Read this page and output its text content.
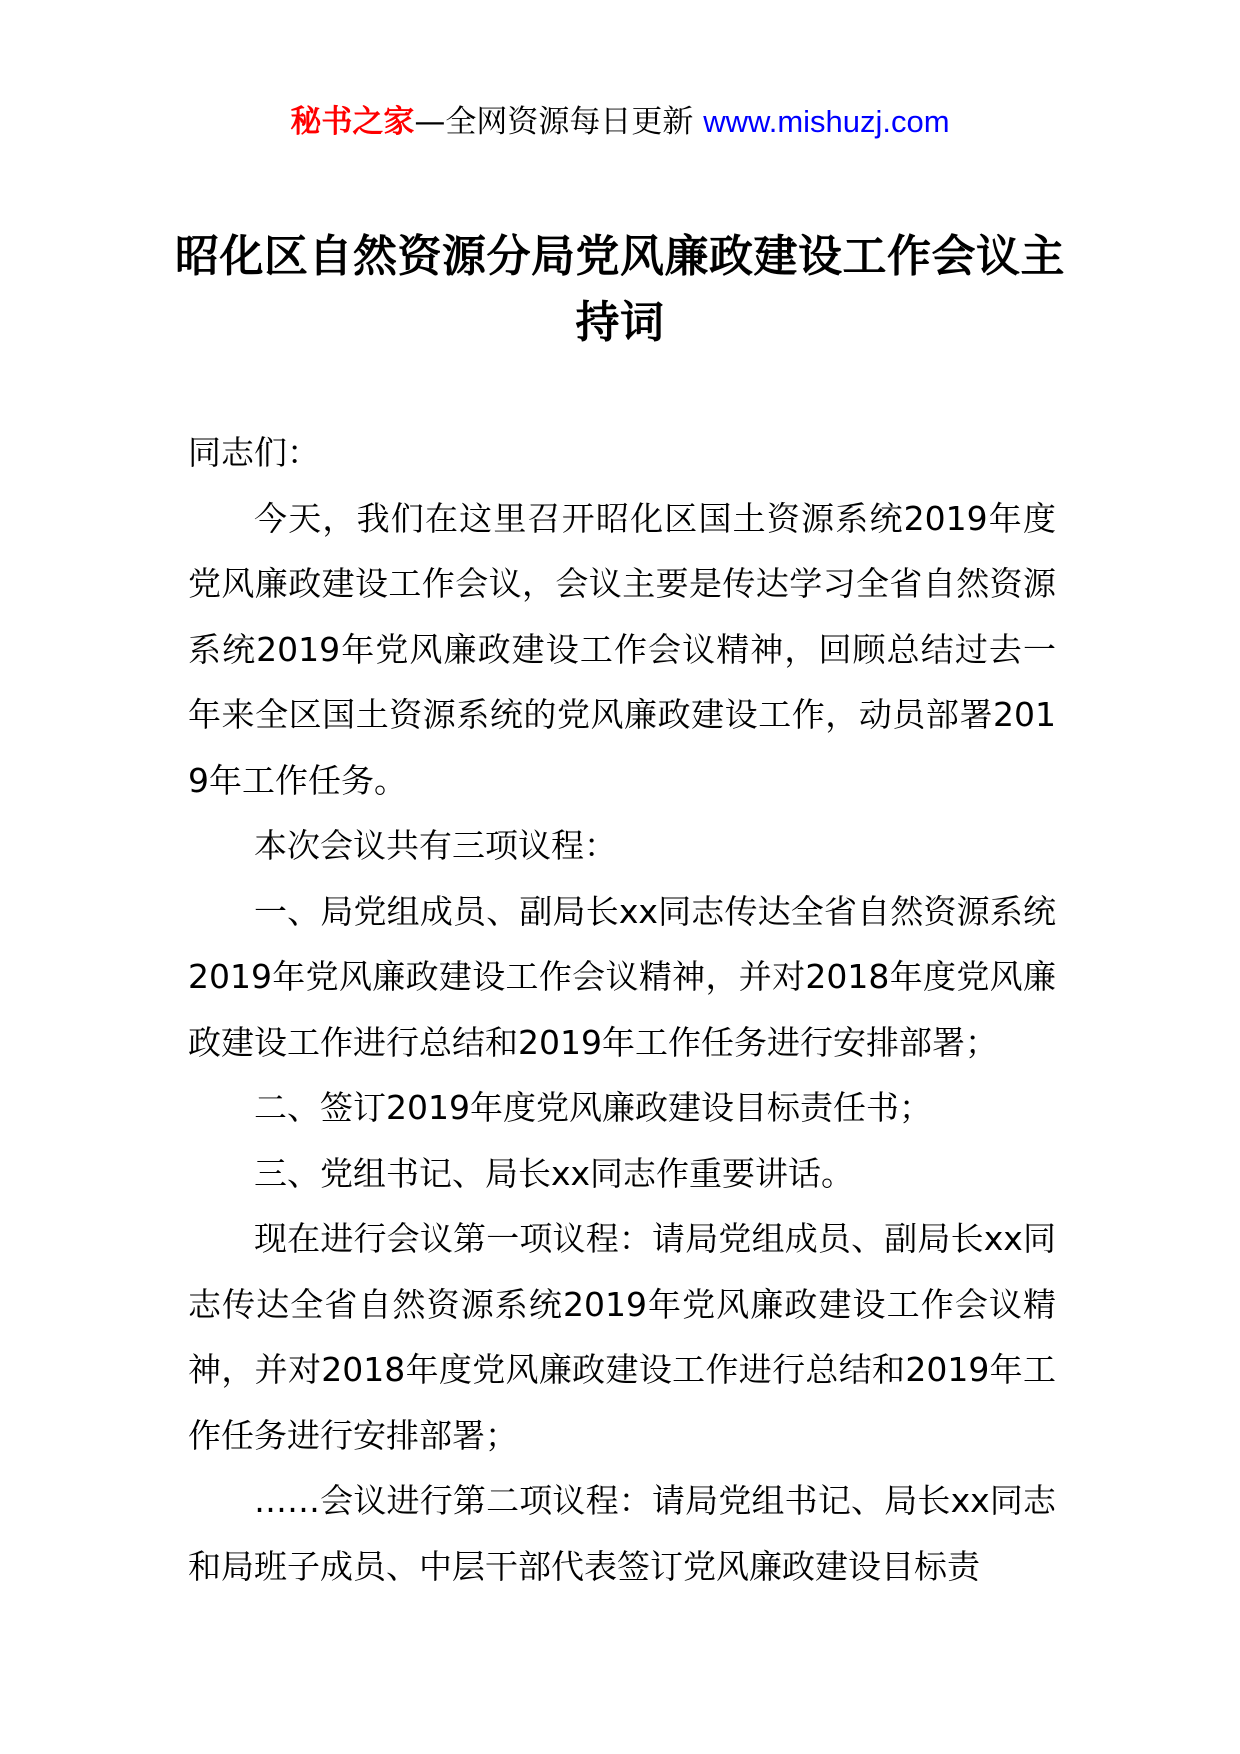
秘书之家—全网资源每日更新 www.mishuzj.com
昭化区自然资源分局党风廉政建设工作会议主持词

同志们：

今天，我们在这里召开昭化区国土资源系统2019年度党风廉政建设工作会议，会议主要是传达学习全省自然资源系统2019年党风廉政建设工作会议精神，回顾总结过去一年来全区国土资源系统的党风廉政建设工作，动员部署2019年工作任务。

本次会议共有三项议程：

一、局党组成员、副局长xx同志传达全省自然资源系统2019年党风廉政建设工作会议精神，并对2018年度党风廉政建设工作进行总结和2019年工作任务进行安排部署；

二、签订2019年度党风廉政建设目标责任书；

三、党组书记、局长xx同志作重要讲话。

现在进行会议第一项议程：请局党组成员、副局长xx同志传达全省自然资源系统2019年党风廉政建设工作会议精神，并对2018年度党风廉政建设工作进行总结和2019年工作任务进行安排部署；

……会议进行第二项议程：请局党组书记、局长xx同志和局班子成员、中层干部代表签订党风廉政建设目标责
